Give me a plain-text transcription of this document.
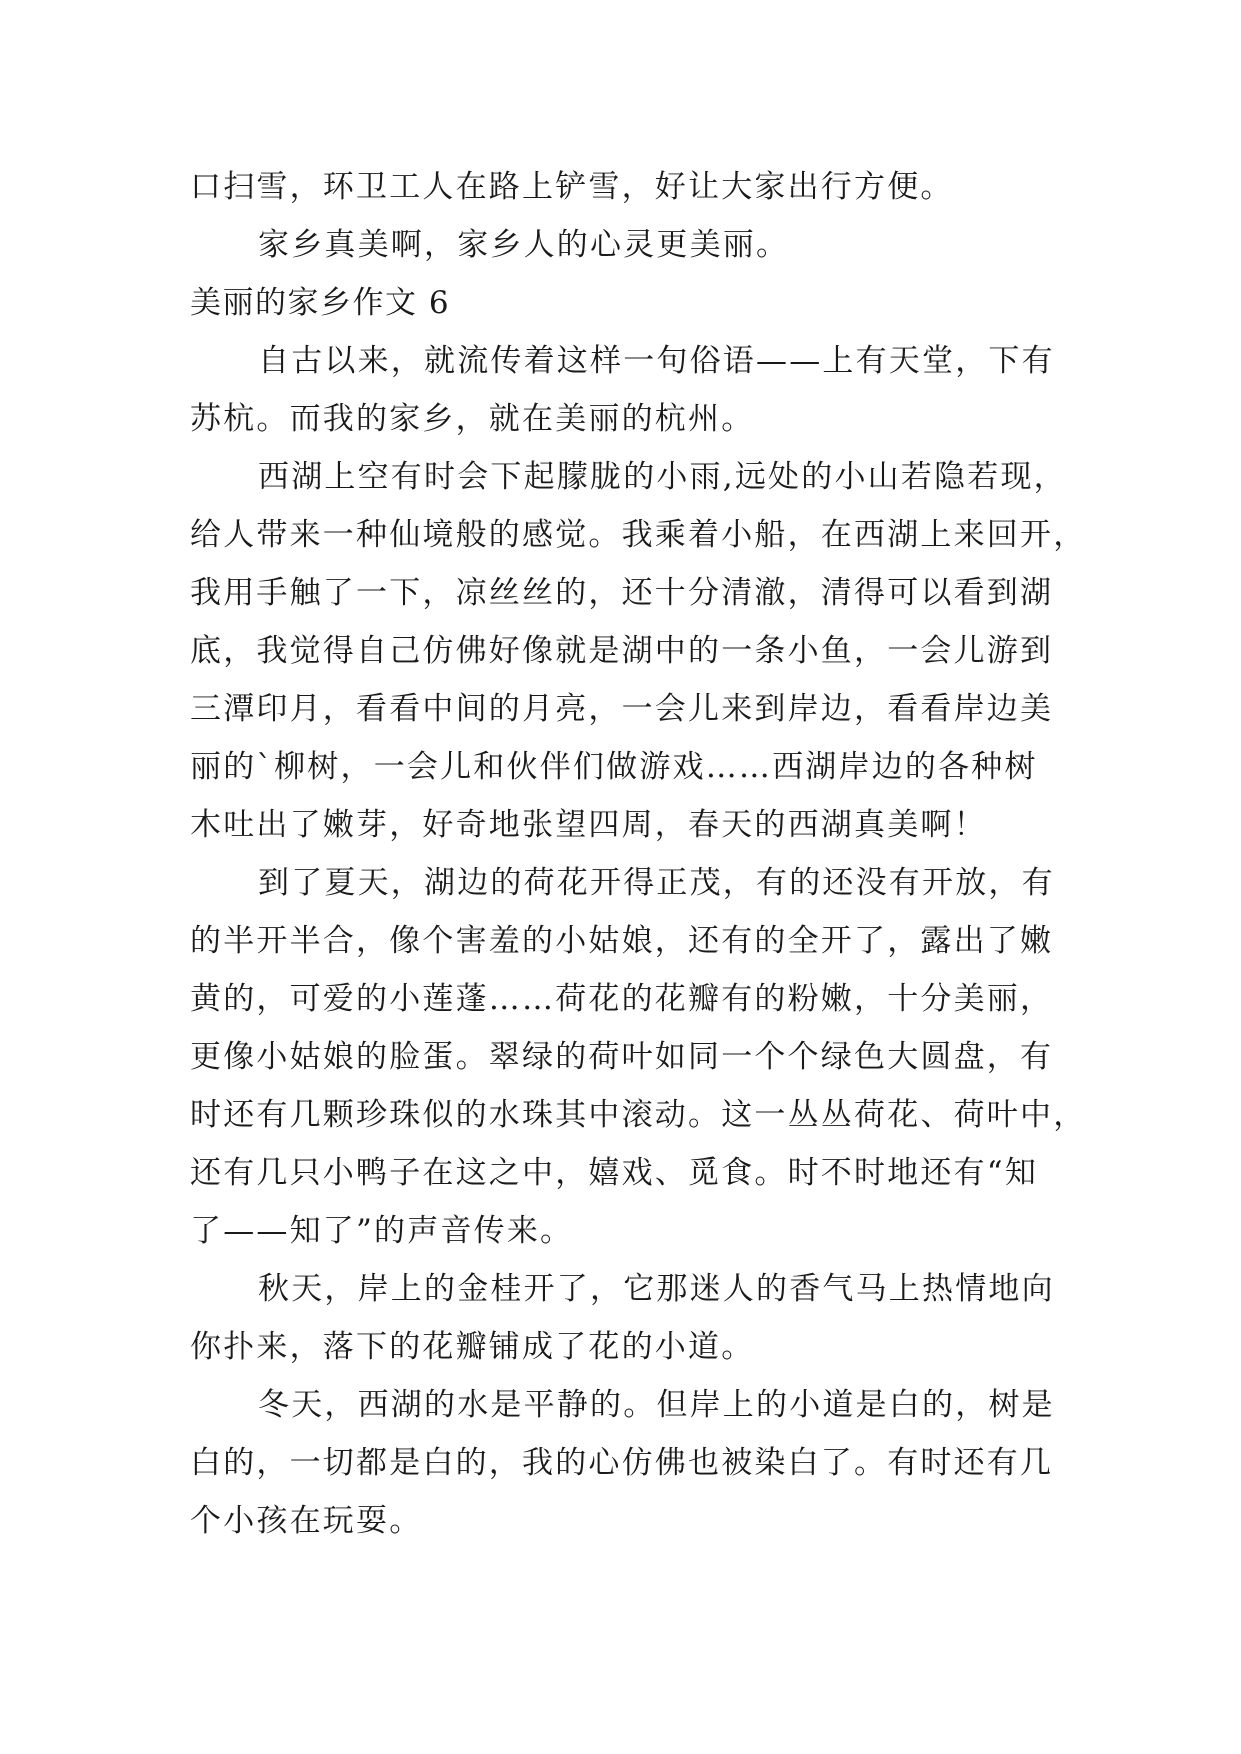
口扫雪，环卫工人在路上铲雪，好让大家出行方便。
家乡真美啊，家乡人的心灵更美丽。
美丽的家乡作文 6
自古以来，就流传着这样一句俗语——上有天堂，下有
苏杭。而我的家乡，就在美丽的杭州。
西湖上空有时会下起朦胧的小雨,远处的小山若隐若现，
给人带来一种仙境般的感觉。我乘着小船，在西湖上来回开，
我用手触了一下，凉丝丝的，还十分清澈，清得可以看到湖
底，我觉得自己仿佛好像就是湖中的一条小鱼，一会儿游到
三潭印月，看看中间的月亮，一会儿来到岸边，看看岸边美
丽的`柳树，一会儿和伙伴们做游戏……西湖岸边的各种树
木吐出了嫩芽，好奇地张望四周，春天的西湖真美啊！
到了夏天，湖边的荷花开得正茂，有的还没有开放，有
的半开半合，像个害羞的小姑娘，还有的全开了，露出了嫩
黄的，可爱的小莲蓬……荷花的花瓣有的粉嫩，十分美丽，
更像小姑娘的脸蛋。翠绿的荷叶如同一个个绿色大圆盘，有
时还有几颗珍珠似的水珠其中滚动。这一丛丛荷花、荷叶中，
还有几只小鸭子在这之中，嬉戏、觅食。时不时地还有“知
了——知了”的声音传来。
秋天，岸上的金桂开了，它那迷人的香气马上热情地向
你扑来，落下的花瓣铺成了花的小道。
冬天，西湖的水是平静的。但岸上的小道是白的，树是
白的，一切都是白的，我的心仿佛也被染白了。有时还有几
个小孩在玩耍。
